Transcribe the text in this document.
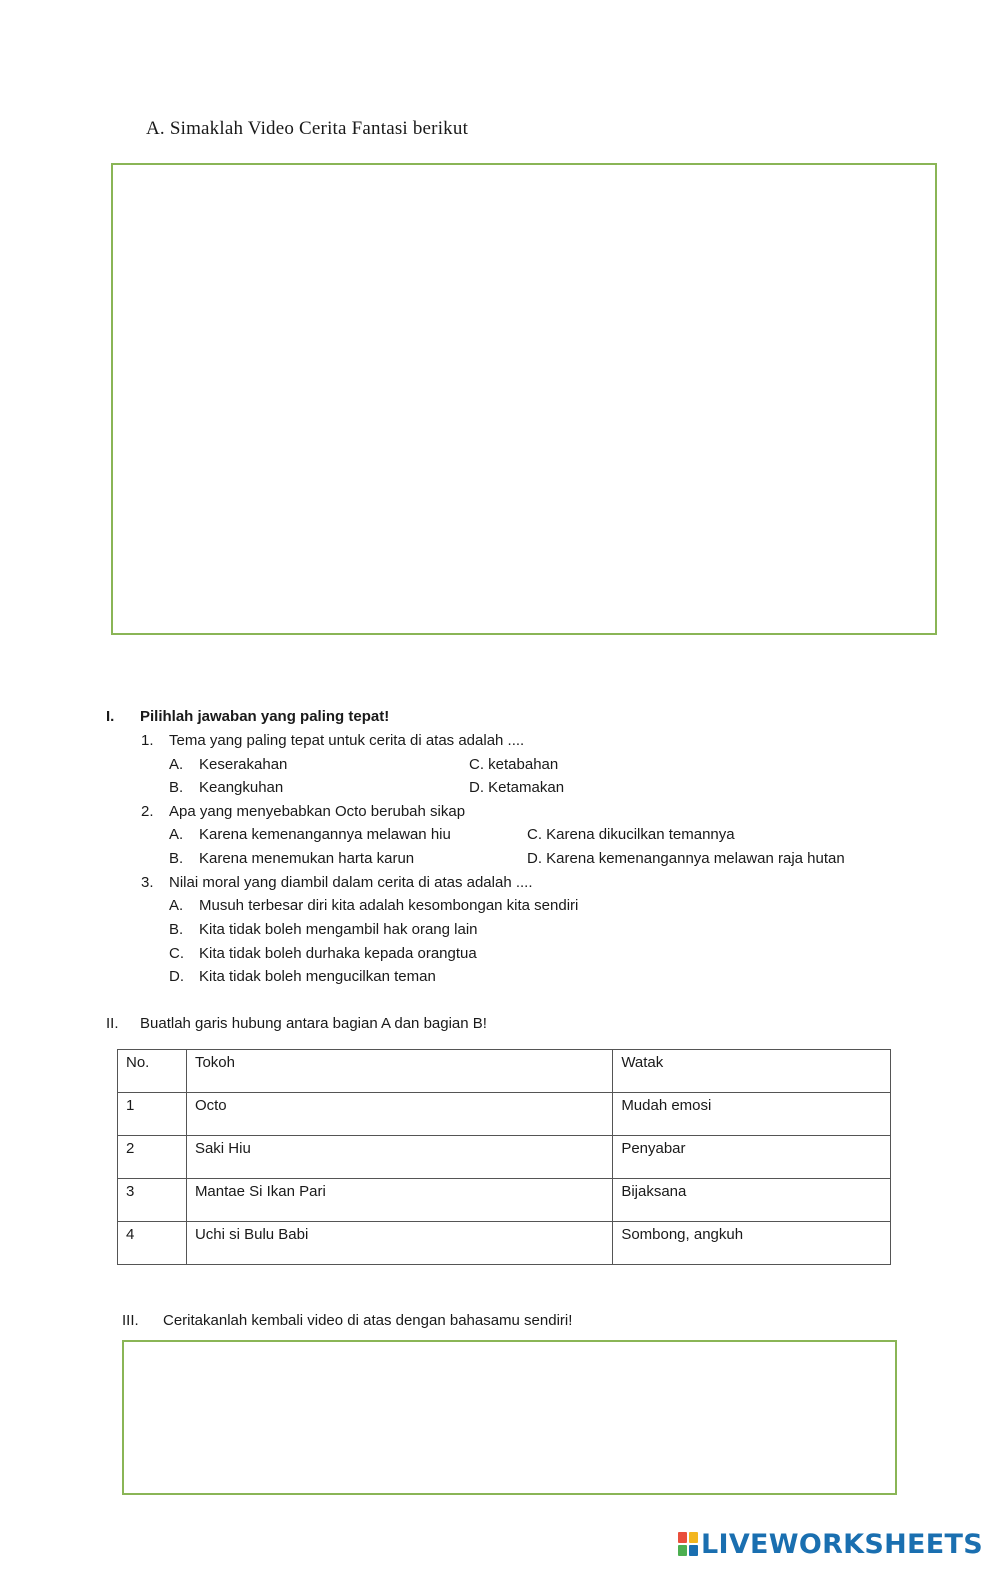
A. Simaklah Video Cerita Fantasi berikut
I. Pilihlah jawaban yang paling tepat!
1. Tema yang paling tepat untuk cerita di atas adalah ....
A. Keserakahan	C. ketabahan
B. Keangkuhan	D. Ketamakan
2. Apa yang menyebabkan Octo berubah sikap
A. Karena kemenangannya melawan hiu	C. Karena dikucilkan temannya
B. Karena menemukan harta karun	D. Karena kemenangannya melawan raja hutan
3. Nilai moral yang diambil dalam cerita di atas adalah ....
A. Musuh terbesar diri kita adalah kesombongan kita sendiri
B. Kita tidak boleh mengambil hak orang lain
C. Kita tidak boleh durhaka kepada orangtua
D. Kita tidak boleh mengucilkan teman
II. Buatlah garis hubung antara bagian A dan bagian B!
No.	Tokoh	Watak
1	Octo	Mudah emosi
2	Saki Hiu	Penyabar
3	Mantae Si Ikan Pari	Bijaksana
4	Uchi si Bulu Babi	Sombong, angkuh
III. Ceritakanlah kembali video di atas dengan bahasamu sendiri!
LIVEWORKSHEETS
